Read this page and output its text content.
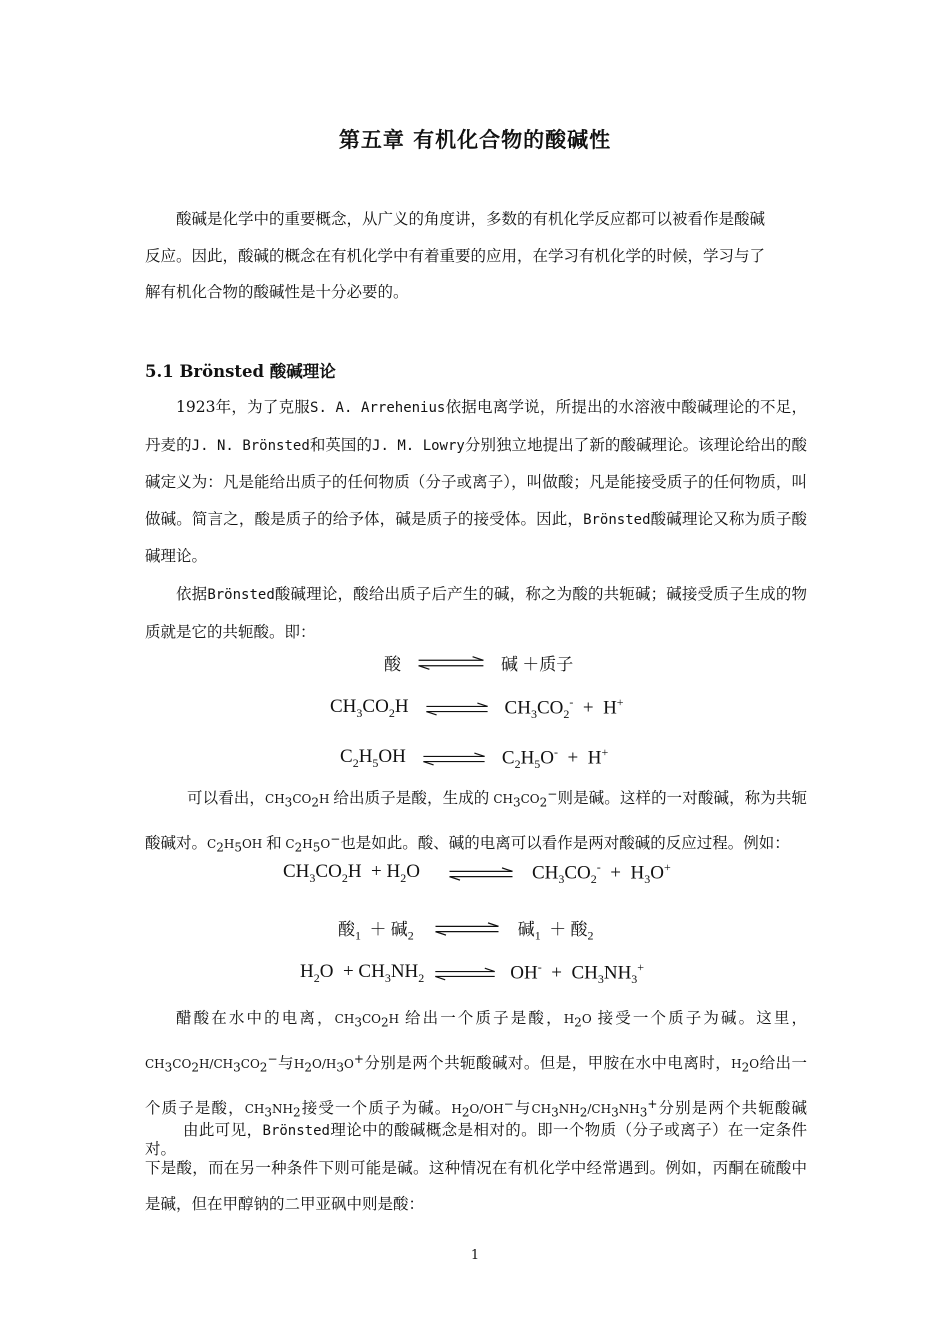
第五章 有机化合物的酸碱性

酸碱是化学中的重要概念，从广义的角度讲，多数的有机化学反应都可以被看作是酸碱
反应。因此，酸碱的概念在有机化学中有着重要的应用，在学习有机化学的时候，学习与了
解有机化合物的酸碱性是十分必要的。

5.1 Brönsted 酸碱理论

1923年，为了克服S. A. Arrehenius依据电离学说，所提出的水溶液中酸碱理论的不足，丹麦的J. N. Brönsted和英国的J. M. Lowry分别独立地提出了新的酸碱理论。该理论给出的酸碱定义为：凡是能给出质子的任何物质（分子或离子），叫做酸；凡是能接受质子的任何物质，叫做碱。简言之，酸是质子的给予体，碱是质子的接受体。因此，Brönsted酸碱理论又称为质子酸碱理论。

依据Brönsted酸碱理论，酸给出质子后产生的碱，称之为酸的共轭碱；碱接受质子生成的物质就是它的共轭酸。即：

酸	碱 ＋质子
$CH_3CO_2H$	$CH_3CO_2^- + H^+$
$C_2H_5OH$	$C_2H_5O^- + H^+$

可以看出，$CH_3CO_2H$ 给出质子是酸，生成的 $CH_3CO_2^-$则是碱。这样的一对酸碱，称为共轭酸碱对。$C_2H_5OH$ 和 $C_2H_5O^-$也是如此。酸、碱的电离可以看作是两对酸碱的反应过程。例如：

$CH_3CO_2H + H_2O$	$CH_3CO_2^- + H_3O^+$
酸$_1$ ＋ 碱$_2$	碱$_1$ ＋ 酸$_2$
$H_2O + CH_3NH_2$	$OH^- + CH_3NH_3^+$

醋酸在水中的电离，$CH_3CO_2H$ 给出一个质子是酸，$H_2O$ 接受一个质子为碱。这里，$CH_3CO_2H/CH_3CO_2^-$与$H_2O/H_3O^+$分别是两个共轭酸碱对。但是，甲胺在水中电离时，$H_2O$给出一个质子是酸，$CH_3NH_2$接受一个质子为碱。$H_2O/OH^-$与$CH_3NH_2/CH_3NH_3^+$分别是两个共轭酸碱对。

由此可见，Brönsted理论中的酸碱概念是相对的。即一个物质（分子或离子）在一定条件下是酸，而在另一种条件下则可能是碱。这种情况在有机化学中经常遇到。例如，丙酮在硫酸中是碱，但在甲醇钠的二甲亚砜中则是酸：

1
